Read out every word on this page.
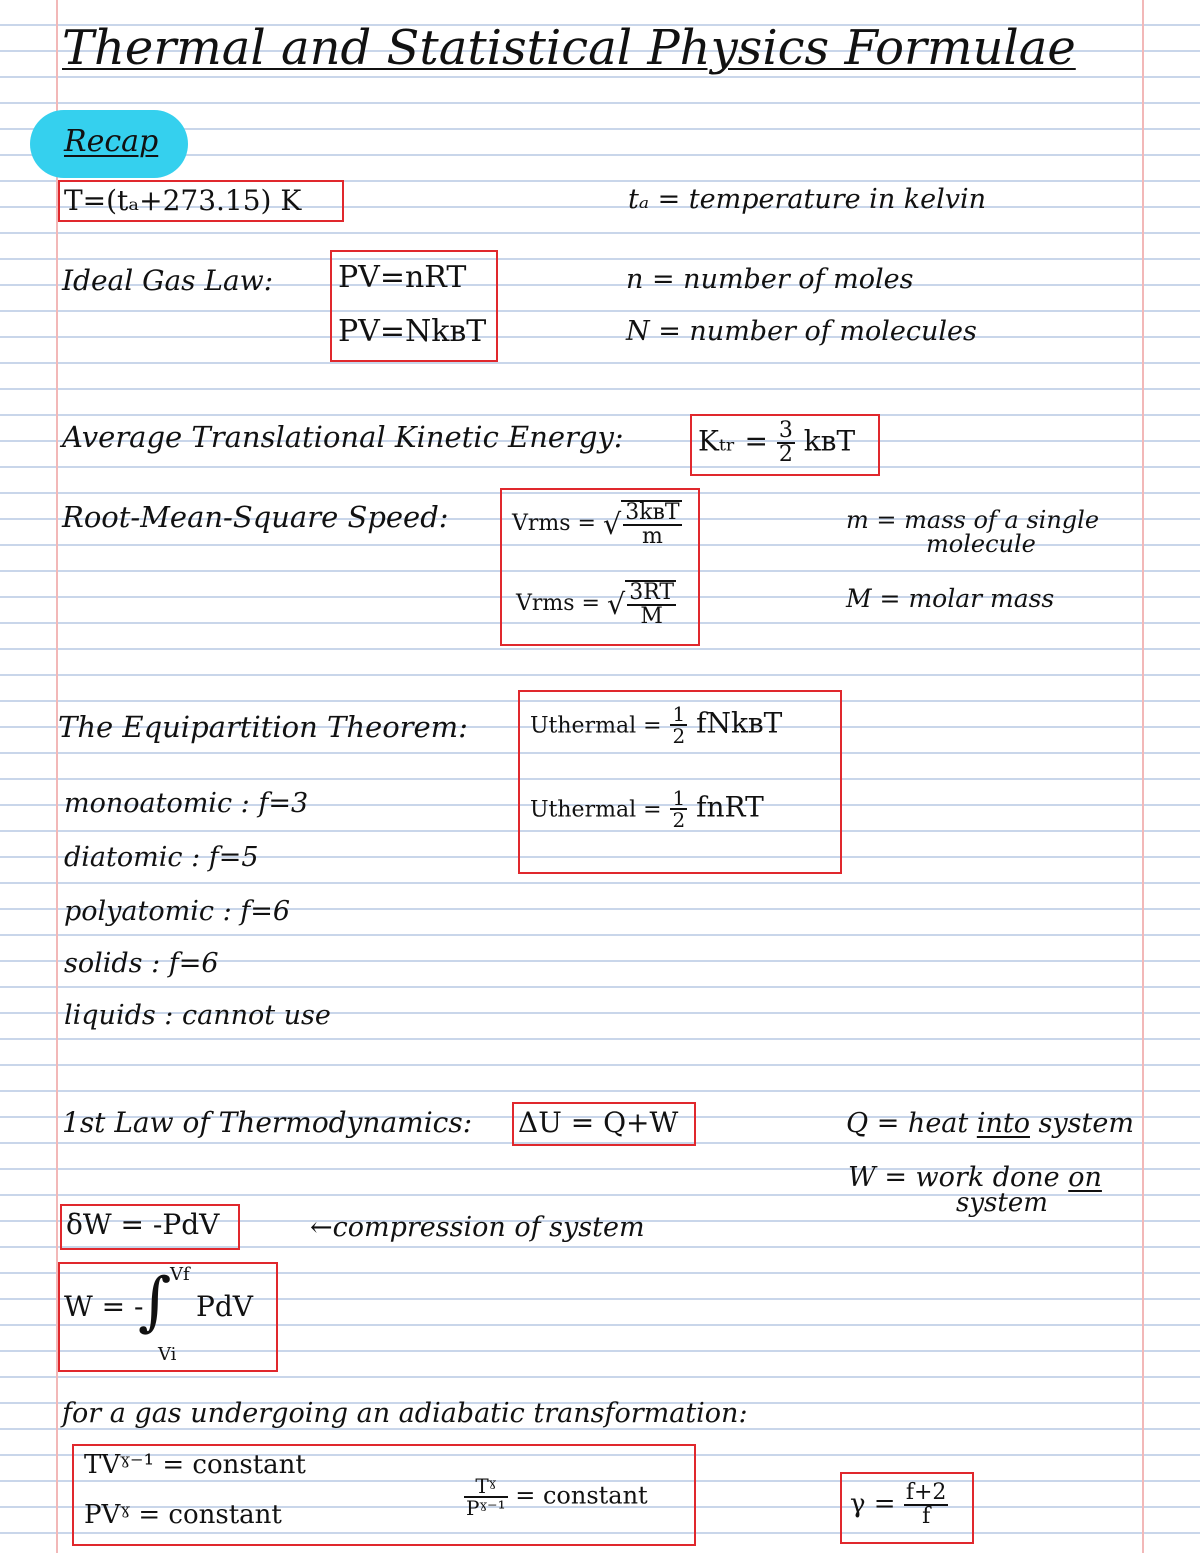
Thermal and Statistical Physics Formulae
Recap
T=(tₐ+273.15) K	tₐ = temperature in kelvin
Ideal Gas Law: PV=nRT
PV=NkʙT
n = number of moles
N = number of molecules
Average Translational Kinetic Energy:	Kₜᵣ = $\frac{3}{2}$ kʙT
Root-Mean-Square Speed:	Vrms = √ $\frac{\text{3kʙT}}{m}$
Vrms = √ $\frac{3RT}{M}$
m = mass of a single
molecule
M = molar mass
The Equipartition Theorem:	Uthermal = $\frac{1}{2}$ fNkʙT
Uthermal = $\frac{1}{2}$ fnRT
monoatomic : f=3
diatomic : f=5
polyatomic : f=6
solids : f=6
liquids : cannot use
1st Law of Thermodynamics: ΔU = Q+W	Q = heat into system
W = work done on
system
δW = -PdV	←compression of system
W = -
∫
Vf
Vi
PdV
for a gas undergoing an adiabatic transformation:
TVˠ⁻¹ = constant
PVˠ = constant	$\frac{\text{Tˠ}}{\text{Pˠ⁻¹}}$ = constant	$\gamma = \frac{f+2}{f}$
